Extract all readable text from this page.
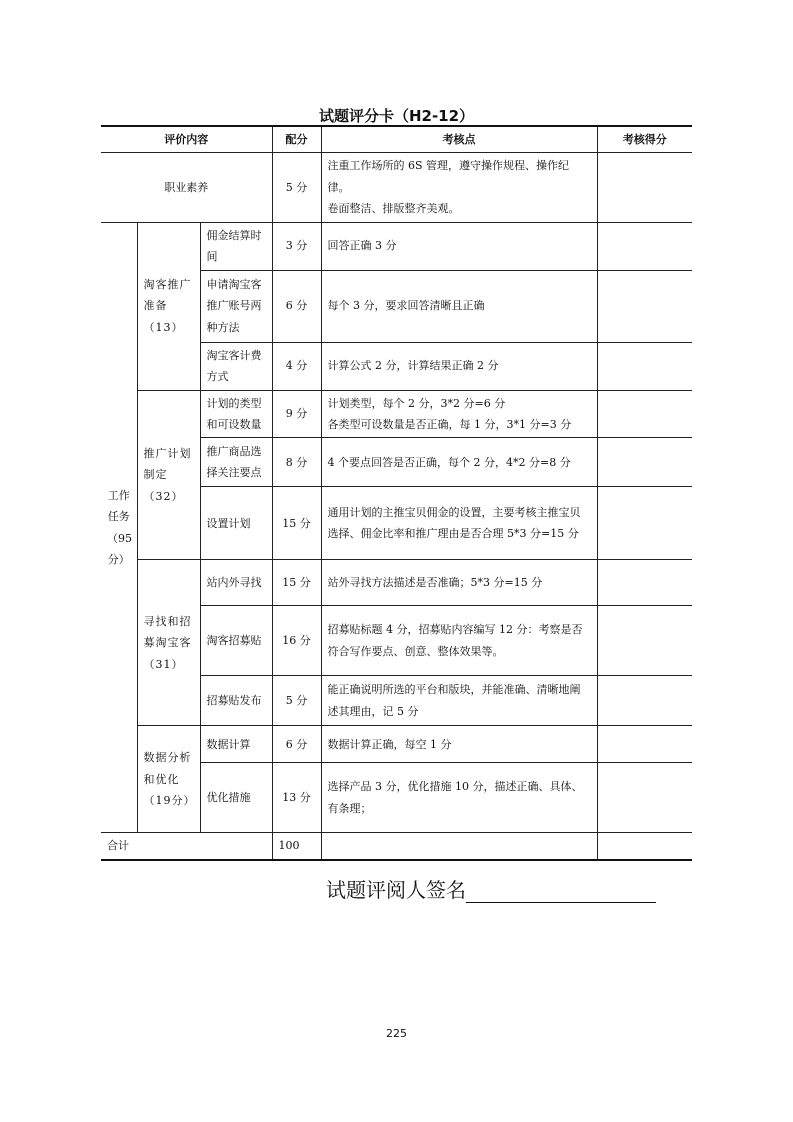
试题评分卡（H2-12）
评价内容			配分	考核点	考核得分
职业素养			5 分	注重工作场所的 6S 管理，遵守操作规程、操作纪律。
卷面整洁、排版整齐美观。	

工作任务（95分）	淘客推广准备（13）	佣金结算时间	3 分	回答正确 3 分	
		申请淘宝客推广账号两种方法	6 分	每个 3 分，要求回答清晰且正确	
		淘宝客计费方式	4 分	计算公式 2 分，计算结果正确 2 分	
	推广计划制定（32）	计划的类型和可设数量	9 分	计划类型，每个 2 分，3*2 分=6 分
各类型可设数量是否正确，每 1 分，3*1 分=3 分	

		推广商品选择关注要点	8 分	4 个要点回答是否正确，每个 2 分，4*2 分=8 分	
		设置计划	15 分	通用计划的主推宝贝佣金的设置，主要考核主推宝贝选择、佣金比率和推广理由是否合理 5*3 分=15 分	
	寻找和招募淘宝客（31）	站内外寻找	15 分	站外寻找方法描述是否准确；5*3 分=15 分	
		淘客招募贴	16 分	招募贴标题 4 分，招募贴内容编写 12 分：考察是否符合写作要点、创意、整体效果等。	
		招募贴发布	5 分	能正确说明所选的平台和版块，并能准确、清晰地阐述其理由，记 5 分	
	数据分析和优化（19分）	数据计算	6 分	数据计算正确，每空 1 分	
		优化措施	13 分	选择产品 3 分，优化措施 10 分，描述正确、具体、有条理；	
合计			100		
试题评阅人签名
225
